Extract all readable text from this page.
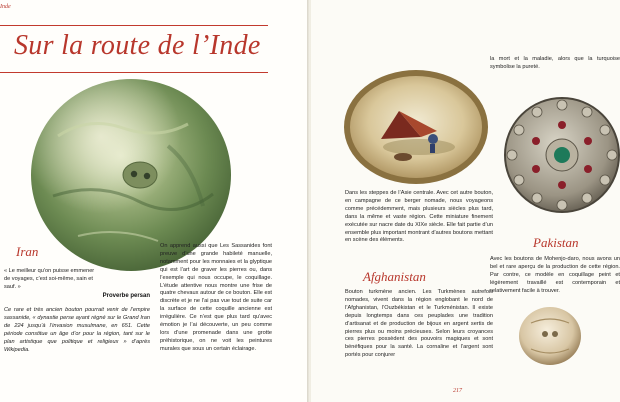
Inde
Sur la route de l’Inde
Iran
« Le meilleur qu’on puisse emmener de voyages, c’est soi-même, sain et sauf. »
Proverbe persan
Ce rare et très ancien bouton pourrait venir de l’empire sassanide, « dynastie perse ayant régné sur le Grand Iran de 224 jusqu’à l’invasion musulmane, en 651. Cette période constitue un âge d’or pour la région, tant sur le plan artistique que politique et religieux » d’après Wikipedia.
On apprend aussi que Les Sassanides font preuve d’une grande habileté manuelle, notamment pour les monnaies et la glyptique qui est l’art de graver les pierres ou, dans l’exemple qui nous occupe, le coquillage. L’étude attentive nous montre une frise de quatre chevaux autour de ce bouton. Elle est discrète et je ne l’ai pas vue tout de suite car la surface de cette coquille ancienne est irrégulière. Ce n’est que plus tard qu’avec émotion je l’ai découverte, un peu comme lors d’une promenade dans une grotte préhistorique, on ne voit les peintures murales que sous un certain éclairage.
la mort et la maladie, alors que la turquoise symbolise la pureté.
Dans les steppes de l’Asie centrale. Avec cet autre bouton, en campagne de ce berger nomade, nous voyageons comme précédemment, mais plusieurs siècles plus tard, dans la même et vaste région. Cette miniature finement exécutée sur nacre date du XIXe siècle. Elle fait partie d’un ensemble plus important montrant d’autres boutons mettant en scène des éléments.
Afghanistan
Bouton turkmène ancien. Les Turkmènes autrefois nomades, vivent dans la région englobant le nord de l’Afghanistan, l’Ouzbékistan et le Turkménistan. Il existe depuis longtemps dans ces peuplades une tradition d’artisanat et de production de bijoux en argent sertis de pierres plus ou moins précieuses. Selon leurs croyances ces pierres possèdent des pouvoirs magiques et sont bénéfiques pour la santé. La cornaline et l’argent sont portés pour conjurer
Pakistan
Avec les boutons de Mohenjo-daro, nous avons un bel et rare aperçu de la production de cette région. Par contre, ce modèle en coquillage peint et légèrement travaillé est contemporain et relativement facile à trouver.
217
